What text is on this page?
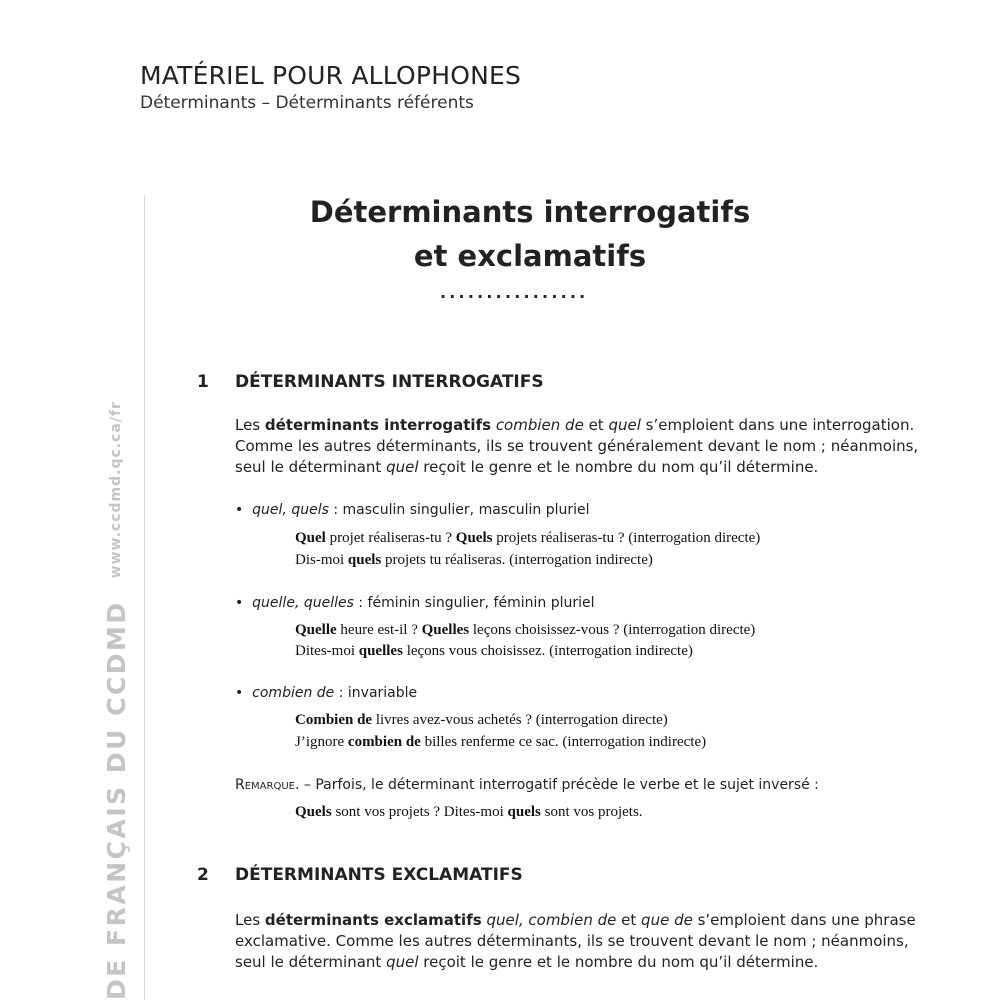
MATÉRIEL POUR ALLOPHONES
Déterminants – Déterminants référents
DE FRANÇAIS DU CCDMD
www.ccdmd.qc.ca/fr
Déterminants interrogatifs
et exclamatifs
................
1	DÉTERMINANTS INTERROGATIFS
Les déterminants interrogatifs combien de et quel s’emploient dans une interrogation. Comme les autres déterminants, ils se trouvent généralement devant le nom ; néanmoins, seul le déterminant quel reçoit le genre et le nombre du nom qu’il détermine.
• quel, quels : masculin singulier, masculin pluriel
Quel projet réaliseras-tu ? Quels projets réaliseras-tu ? (interrogation directe)
Dis-moi quels projets tu réaliseras. (interrogation indirecte)
• quelle, quelles : féminin singulier, féminin pluriel
Quelle heure est-il ? Quelles leçons choisissez-vous ? (interrogation directe)
Dites-moi quelles leçons vous choisissez. (interrogation indirecte)
• combien de : invariable
Combien de livres avez-vous achetés ? (interrogation directe)
J’ignore combien de billes renferme ce sac. (interrogation indirecte)
Remarque. – Parfois, le déterminant interrogatif précède le verbe et le sujet inversé :
Quels sont vos projets ? Dites-moi quels sont vos projets.
2	DÉTERMINANTS EXCLAMATIFS
Les déterminants exclamatifs quel, combien de et que de s’emploient dans une phrase exclamative. Comme les autres déterminants, ils se trouvent devant le nom ; néanmoins, seul le déterminant quel reçoit le genre et le nombre du nom qu’il détermine.
